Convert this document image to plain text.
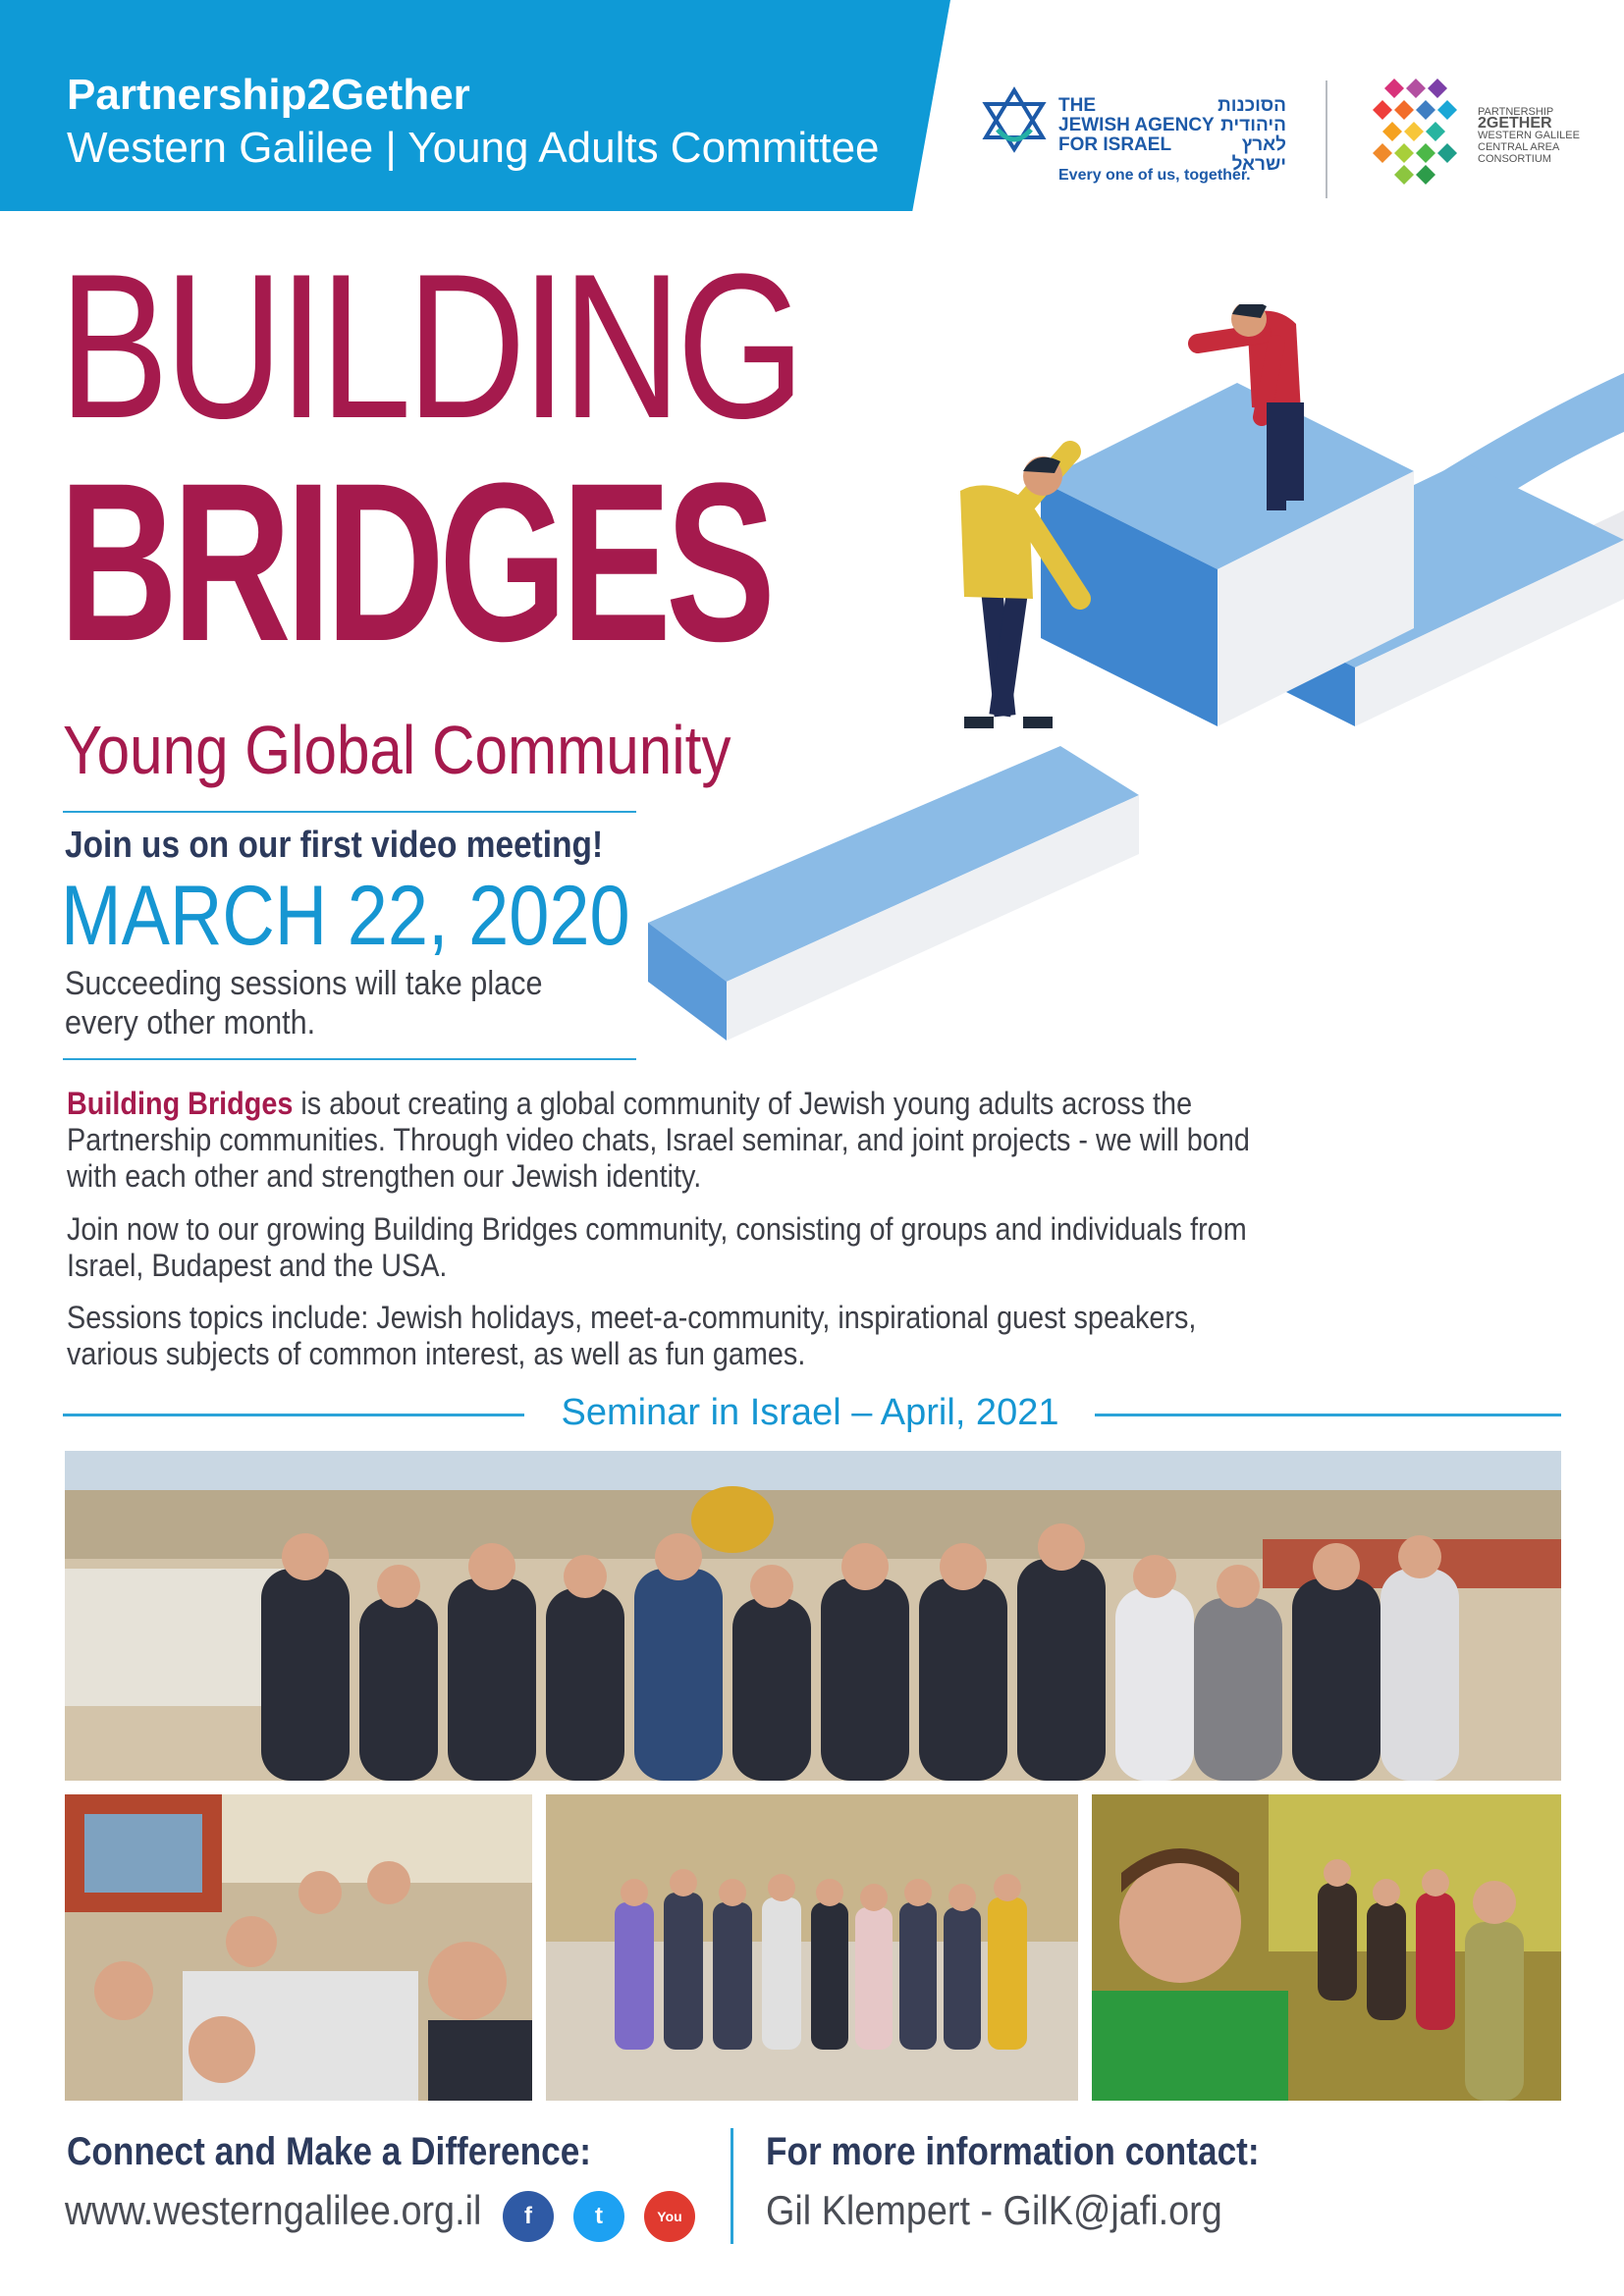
Partnership2Gether
Western Galilee | Young Adults Committee
THE
JEWISH AGENCY
FOR ISRAEL
הסוכנות היהודית
לארץ
ישראל
Every one of us, together.
PARTNERSHIP
2GETHER
WESTERN GALILEE
CENTRAL AREA
CONSORTIUM
BUILDING
BRIDGES
Young Global Community
Join us on our first video meeting!
MARCH 22, 2020
Succeeding sessions will take place
every other month.
Building Bridges is about creating a global community of Jewish young adults across the Partnership communities. Through video chats, Israel seminar, and joint projects - we will bond with each other and strengthen our Jewish identity.
Join now to our growing Building Bridges community, consisting of groups and individuals from Israel, Budapest and the USA.
Sessions topics include: Jewish holidays, meet-a-community, inspirational guest speakers, various subjects of common interest, as well as fun games.
Seminar in Israel – April, 2021
Connect and Make a Difference:
www.westerngalilee.org.il	f	t	You
For more information contact:
Gil Klempert - GilK@jafi.org
